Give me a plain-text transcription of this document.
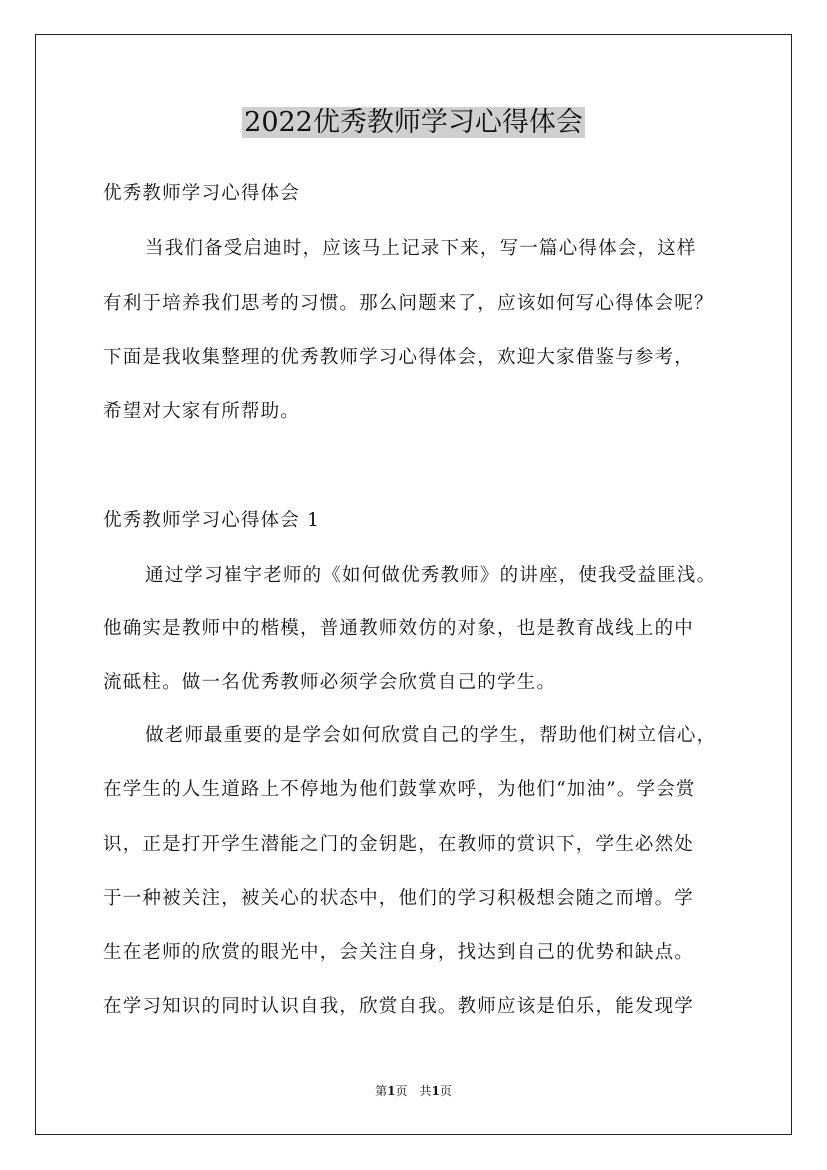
2022优秀教师学习心得体会
优秀教师学习心得体会
当我们备受启迪时，应该马上记录下来，写一篇心得体会，这样
有利于培养我们思考的习惯。那么问题来了，应该如何写心得体会呢？
下面是我收集整理的优秀教师学习心得体会，欢迎大家借鉴与参考，
希望对大家有所帮助。
优秀教师学习心得体会 1
通过学习崔宇老师的《如何做优秀教师》的讲座，使我受益匪浅。
他确实是教师中的楷模，普通教师效仿的对象，也是教育战线上的中
流砥柱。做一名优秀教师必须学会欣赏自己的学生。
做老师最重要的是学会如何欣赏自己的学生，帮助他们树立信心，
在学生的人生道路上不停地为他们鼓掌欢呼，为他们“加油”。学会赏
识，正是打开学生潜能之门的金钥匙，在教师的赏识下，学生必然处
于一种被关注，被关心的状态中，他们的学习积极想会随之而增。学
生在老师的欣赏的眼光中，会关注自身，找达到自己的优势和缺点。
在学习知识的同时认识自我，欣赏自我。教师应该是伯乐，能发现学
第1页　共1页
